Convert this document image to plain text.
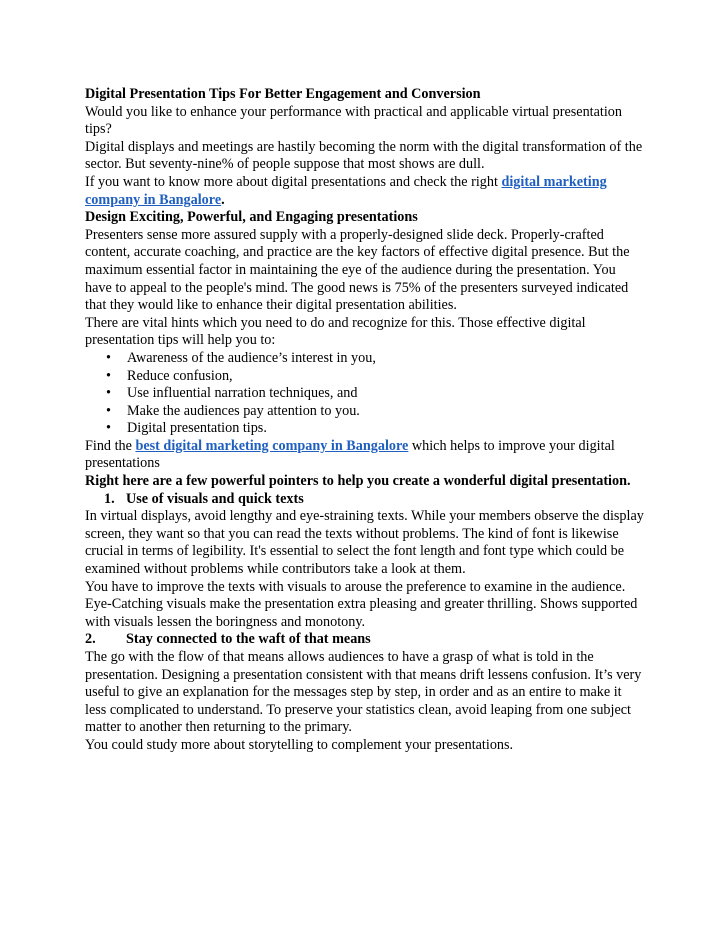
Digital Presentation Tips For Better Engagement and Conversion

Would you like to enhance your performance with practical and applicable virtual presentation tips?

Digital displays and meetings are hastily becoming the norm with the digital transformation of the sector. But seventy-nine% of people suppose that most shows are dull.

If you want to know more about digital presentations and check the right digital marketing company in Bangalore.

Design Exciting, Powerful, and Engaging presentations

Presenters sense more assured supply with a properly-designed slide deck. Properly-crafted content, accurate coaching, and practice are the key factors of effective digital presence. But the maximum essential factor in maintaining the eye of the audience during the presentation. You have to appeal to the people's mind. The good news is 75% of the presenters surveyed indicated that they would like to enhance their digital presentation abilities.

There are vital hints which you need to do and recognize for this. Those effective digital presentation tips will help you to:

• Awareness of the audience’s interest in you,
• Reduce confusion,
• Use influential narration techniques, and
• Make the audiences pay attention to you.
• Digital presentation tips.

Find the best digital marketing company in Bangalore which helps to improve your digital presentations

Right here are a few powerful pointers to help you create a wonderful digital presentation.

1. Use of visuals and quick texts

In virtual displays, avoid lengthy and eye-straining texts. While your members observe the display screen, they want so that you can read the texts without problems. The kind of font is likewise crucial in terms of legibility. It's essential to select the font length and font type which could be examined without problems while contributors take a look at them.

You have to improve the texts with visuals to arouse the preference to examine in the audience.

Eye-Catching visuals make the presentation extra pleasing and greater thrilling. Shows supported with visuals lessen the boringness and monotony.

2. Stay connected to the waft of that means

The go with the flow of that means allows audiences to have a grasp of what is told in the presentation. Designing a presentation consistent with that means drift lessens confusion. It’s very useful to give an explanation for the messages step by step, in order and as an entire to make it less complicated to understand. To preserve your statistics clean, avoid leaping from one subject matter to another then returning to the primary.

You could study more about storytelling to complement your presentations.
